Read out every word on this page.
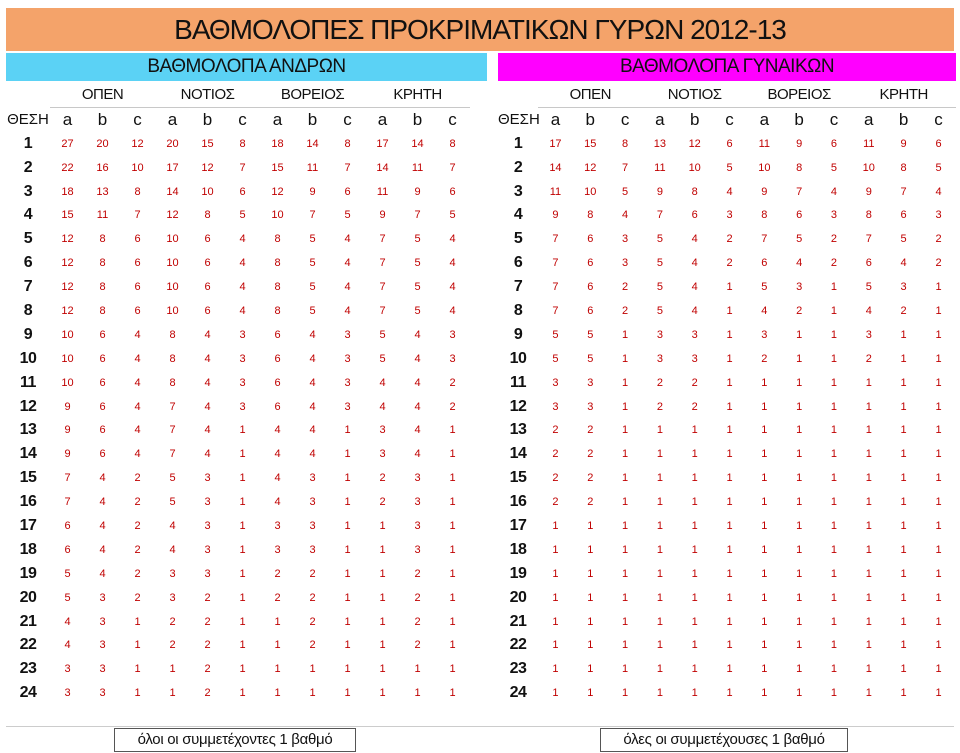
ΒΑΘΜΟΛΟΠΕΣ ΠΡΟΚΡΙΜΑΤΙΚΩΝ ΓΥΡΩΝ 2012-13
ΒΑΘΜΟΛΟΠΑ ΑΝΔΡΩΝ	ΒΑΘΜΟΛΟΠΑ ΓΥΝΑΙΚΩΝ
	ΟΠΕΝ			ΝΟΤΙΟΣ			ΒΟΡΕΙΟΣ			ΚΡΗΤΗ		
ΘΕΣΗ	a	b	c	a	b	c	a	b	c	a	b	c
1	27	20	12	20	15	8	18	14	8	17	14	8
2	22	16	10	17	12	7	15	11	7	14	11	7
3	18	13	8	14	10	6	12	9	6	11	9	6
4	15	11	7	12	8	5	10	7	5	9	7	5
5	12	8	6	10	6	4	8	5	4	7	5	4
6	12	8	6	10	6	4	8	5	4	7	5	4
7	12	8	6	10	6	4	8	5	4	7	5	4
8	12	8	6	10	6	4	8	5	4	7	5	4
9	10	6	4	8	4	3	6	4	3	5	4	3
10	10	6	4	8	4	3	6	4	3	5	4	3
11	10	6	4	8	4	3	6	4	3	4	4	2
12	9	6	4	7	4	3	6	4	3	4	4	2
13	9	6	4	7	4	1	4	4	1	3	4	1
14	9	6	4	7	4	1	4	4	1	3	4	1
15	7	4	2	5	3	1	4	3	1	2	3	1
16	7	4	2	5	3	1	4	3	1	2	3	1
17	6	4	2	4	3	1	3	3	1	1	3	1
18	6	4	2	4	3	1	3	3	1	1	3	1
19	5	4	2	3	3	1	2	2	1	1	2	1
20	5	3	2	3	2	1	2	2	1	1	2	1
21	4	3	1	2	2	1	1	2	1	1	2	1
22	4	3	1	2	2	1	1	2	1	1	2	1
23	3	3	1	1	2	1	1	1	1	1	1	1
24	3	3	1	1	2	1	1	1	1	1	1	1
	ΟΠΕΝ			ΝΟΤΙΟΣ			ΒΟΡΕΙΟΣ			ΚΡΗΤΗ		
ΘΕΣΗ	a	b	c	a	b	c	a	b	c	a	b	c
1	17	15	8	13	12	6	11	9	6	11	9	6
2	14	12	7	11	10	5	10	8	5	10	8	5
3	11	10	5	9	8	4	9	7	4	9	7	4
4	9	8	4	7	6	3	8	6	3	8	6	3
5	7	6	3	5	4	2	7	5	2	7	5	2
6	7	6	3	5	4	2	6	4	2	6	4	2
7	7	6	2	5	4	1	5	3	1	5	3	1
8	7	6	2	5	4	1	4	2	1	4	2	1
9	5	5	1	3	3	1	3	1	1	3	1	1
10	5	5	1	3	3	1	2	1	1	2	1	1
11	3	3	1	2	2	1	1	1	1	1	1	1
12	3	3	1	2	2	1	1	1	1	1	1	1
13	2	2	1	1	1	1	1	1	1	1	1	1
14	2	2	1	1	1	1	1	1	1	1	1	1
15	2	2	1	1	1	1	1	1	1	1	1	1
16	2	2	1	1	1	1	1	1	1	1	1	1
17	1	1	1	1	1	1	1	1	1	1	1	1
18	1	1	1	1	1	1	1	1	1	1	1	1
19	1	1	1	1	1	1	1	1	1	1	1	1
20	1	1	1	1	1	1	1	1	1	1	1	1
21	1	1	1	1	1	1	1	1	1	1	1	1
22	1	1	1	1	1	1	1	1	1	1	1	1
23	1	1	1	1	1	1	1	1	1	1	1	1
24	1	1	1	1	1	1	1	1	1	1	1	1
όλοι οι συμμετέχοντες 1 βαθμό	όλες οι συμμετέχουσες 1 βαθμό
